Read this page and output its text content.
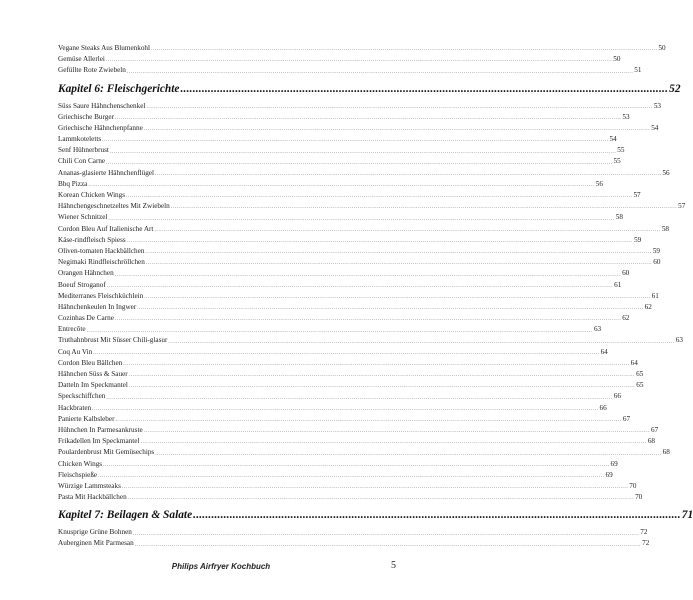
Vegane Steaks Aus Blumenkohl .................................................................................................................................................................................................................................................................... 50
Gemüse Allerlei .................................................................................................................................................................................................................................................................... 50
Gefüllte Rote Zwiebeln .................................................................................................................................................................................................................................................................... 51
Kapitel 6: Fleischgerichte ................................................................................................................................................................ 52
Süss Saure Hähnchenschenkel .................................................................................................................................................................................................................................................................... 53
Griechische Burger .................................................................................................................................................................................................................................................................... 53
Griechische Hähnchenpfanne .................................................................................................................................................................................................................................................................... 54
Lammkoteletts .................................................................................................................................................................................................................................................................... 54
Senf Hühnerbrust .................................................................................................................................................................................................................................................................... 55
Chili Con Carne .................................................................................................................................................................................................................................................................... 55
Ananas-glasierte Hähnchenflügel .................................................................................................................................................................................................................................................................... 56
Bbq Pizza .................................................................................................................................................................................................................................................................... 56
Korean Chicken Wings .................................................................................................................................................................................................................................................................... 57
Hähnchengeschnetzeltes Mit Zwiebeln .................................................................................................................................................................................................................................................................... 57
Wiener Schnitzel .................................................................................................................................................................................................................................................................... 58
Cordon Bleu Auf Italienische Art .................................................................................................................................................................................................................................................................... 58
Käse-rindfleisch Spiess .................................................................................................................................................................................................................................................................... 59
Oliven-tomaten Hackbällchen .................................................................................................................................................................................................................................................................... 59
Negimaki Rindfleischröllchen .................................................................................................................................................................................................................................................................... 60
Orangen Hähnchen .................................................................................................................................................................................................................................................................... 60
Boeuf Stroganof .................................................................................................................................................................................................................................................................... 61
Mediterranes Fleischküchlein .................................................................................................................................................................................................................................................................... 61
Hähnchenkeulen In Ingwer .................................................................................................................................................................................................................................................................... 62
Cozinhas De Carne .................................................................................................................................................................................................................................................................... 62
Entrecôte .................................................................................................................................................................................................................................................................... 63
Truthahnbrust Mit Süsser Chili-glasur .................................................................................................................................................................................................................................................................... 63
Coq Au Vin .................................................................................................................................................................................................................................................................... 64
Cordon Bleu Bällchen .................................................................................................................................................................................................................................................................... 64
Hähnchen Süss & Sauer .................................................................................................................................................................................................................................................................... 65
Datteln Im Speckmantel .................................................................................................................................................................................................................................................................... 65
Speckschiffchen .................................................................................................................................................................................................................................................................... 66
Hackbraten .................................................................................................................................................................................................................................................................... 66
Panierte Kalbsleber .................................................................................................................................................................................................................................................................... 67
Hühnchen In Parmesankruste .................................................................................................................................................................................................................................................................... 67
Frikadellen Im Speckmantel .................................................................................................................................................................................................................................................................... 68
Poulardenbrust Mit Gemüsechips .................................................................................................................................................................................................................................................................... 68
Chicken Wings .................................................................................................................................................................................................................................................................... 69
Fleischspieße .................................................................................................................................................................................................................................................................... 69
Würzige Lammsteaks .................................................................................................................................................................................................................................................................... 70
Pasta Mit Hackbällchen .................................................................................................................................................................................................................................................................... 70
Kapitel 7: Beilagen & Salate ................................................................................................................................................................ 71
Knusprige Grüne Bohnen .................................................................................................................................................................................................................................................................... 72
Auberginen Mit Parmesan .................................................................................................................................................................................................................................................................... 72
Philips Airfryer Kochbuch	5
